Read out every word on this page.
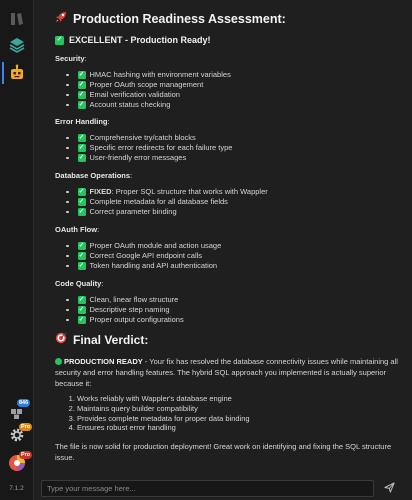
846
Pro
Pro
7.1.2
Production Readiness Assessment:
✓ EXCELLENT - Production Ready!
Security:
✓ HMAC hashing with environment variables
✓ Proper OAuth scope management
✓ Email verification validation
✓ Account status checking
Error Handling:
✓ Comprehensive try/catch blocks
✓ Specific error redirects for each failure type
✓ User-friendly error messages
Database Operations:
✓ FIXED: Proper SQL structure that works with Wappler
✓ Complete metadata for all database fields
✓ Correct parameter binding
OAuth Flow:
✓ Proper OAuth module and action usage
✓ Correct Google API endpoint calls
✓ Token handling and API authentication
Code Quality:
✓ Clean, linear flow structure
✓ Descriptive step naming
✓ Proper output configurations
Final Verdict:
PRODUCTION READY - Your fix has resolved the database connectivity issues while maintaining all security and error handling features. The hybrid SQL approach you implemented is actually superior because it:
1. Works reliably with Wappler's database engine
2. Maintains query builder compatibility
3. Provides complete metadata for proper data binding
4. Ensures robust error handling
The file is now solid for production deployment! Great work on identifying and fixing the SQL structure issue.
Type your message here...
